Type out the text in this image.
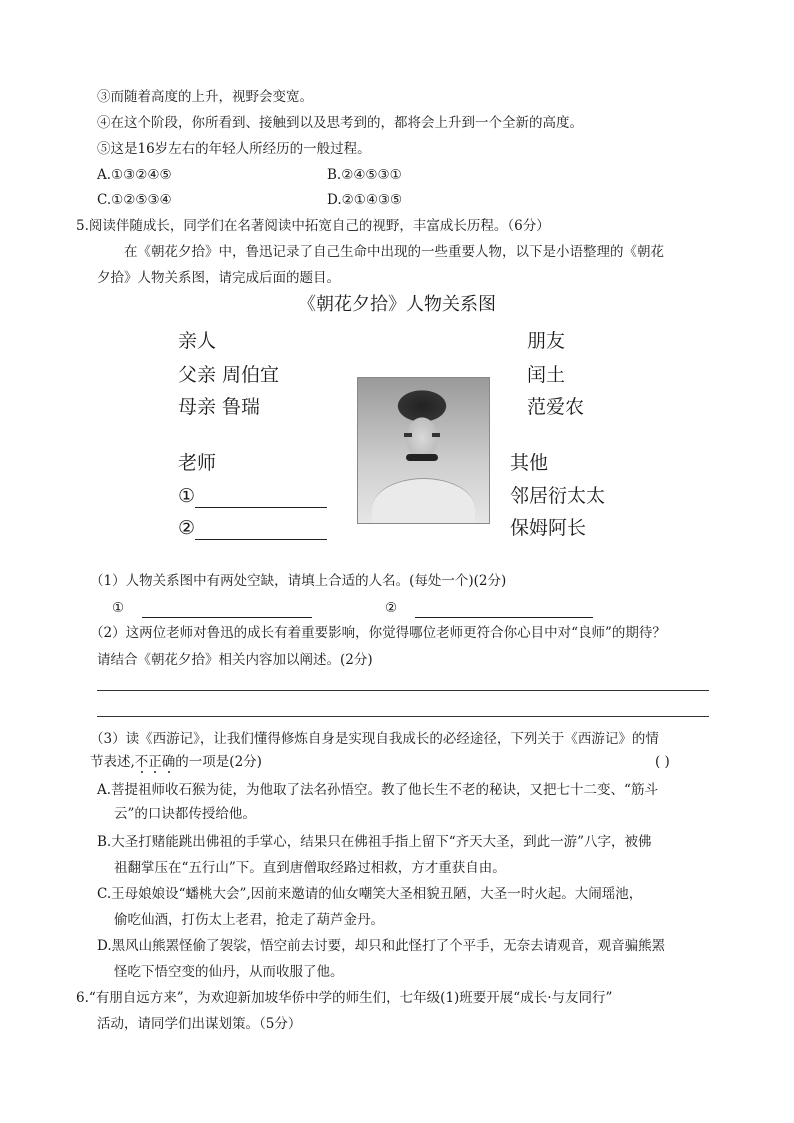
③而随着高度的上升，视野会变宽。
④在这个阶段，你所看到、接触到以及思考到的，都将会上升到一个全新的高度。
⑤这是16岁左右的年轻人所经历的一般过程。
A.①③②④⑤	B.②④⑤③①
C.①②⑤③④	D.②①④③⑤
5.阅读伴随成长，同学们在名著阅读中拓宽自己的视野，丰富成长历程。（6分）
在《朝花夕拾》中，鲁迅记录了自己生命中出现的一些重要人物，以下是小语整理的《朝花
夕拾》人物关系图，请完成后面的题目。
《朝花夕拾》人物关系图
亲人
父亲 周伯宜
母亲 鲁瑞
老师
①
②
朋友
闰土
范爱农
其他
邻居衍太太
保姆阿长
（1）人物关系图中有两处空缺，请填上合适的人名。(每处一个)(2分)
①	②
（2）这两位老师对鲁迅的成长有着重要影响，你觉得哪位老师更符合你心目中对“良师”的期待？
请结合《朝花夕拾》相关内容加以阐述。(2分)
（3）读《西游记》，让我们懂得修炼自身是实现自我成长的必经途径，下列关于《西游记》的情
节表述,不正确的一项是(2分)	( )
A.菩提祖师收石猴为徒，为他取了法名孙悟空。教了他长生不老的秘诀，又把七十二变、“筋斗
云”的口诀都传授给他。
B.大圣打赌能跳出佛祖的手掌心，结果只在佛祖手指上留下“齐天大圣，到此一游”八字，被佛
祖翻掌压在“五行山”下。直到唐僧取经路过相救，方才重获自由。
C.王母娘娘设“蟠桃大会”,因前来邀请的仙女嘲笑大圣相貌丑陋，大圣一时火起。大闹瑶池，
偷吃仙酒，打伤太上老君，抢走了葫芦金丹。
D.黑风山熊罴怪偷了袈裟，悟空前去讨要，却只和此怪打了个平手，无奈去请观音，观音骗熊罴
怪吃下悟空变的仙丹，从而收服了他。
6.“有朋自远方来”，为欢迎新加坡华侨中学的师生们，七年级(1)班要开展“成长·与友同行”
活动，请同学们出谋划策。（5分）
